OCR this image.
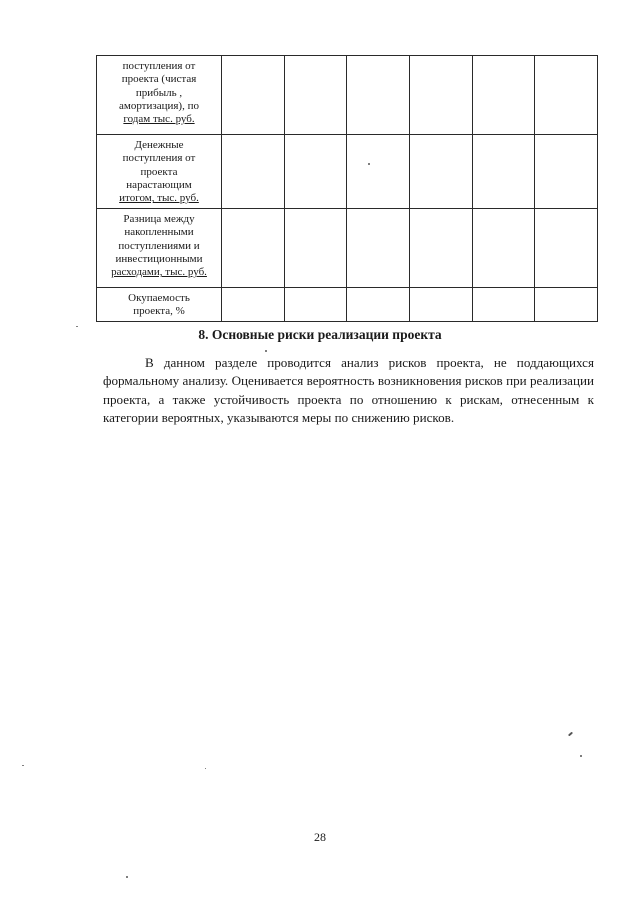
поступления от
проекта (чистая
прибыль ,
амортизация), по
годам тыс. руб.						

Денежные
поступления от
проекта
нарастающим
итогом, тыс. руб.						

Разница между
накопленными
поступлениями и
инвестиционными
расходами, тыс. руб.						

Окупаемость
проекта, %						

8. Основные риски реализации проекта

В данном разделе проводится анализ рисков проекта, не поддающихся формальному анализу. Оценивается вероятность возникновения рисков при реализации проекта, а также устойчивость проекта по отношению к рискам, отнесенным к категории вероятных, указываются меры по снижению рисков.

28
